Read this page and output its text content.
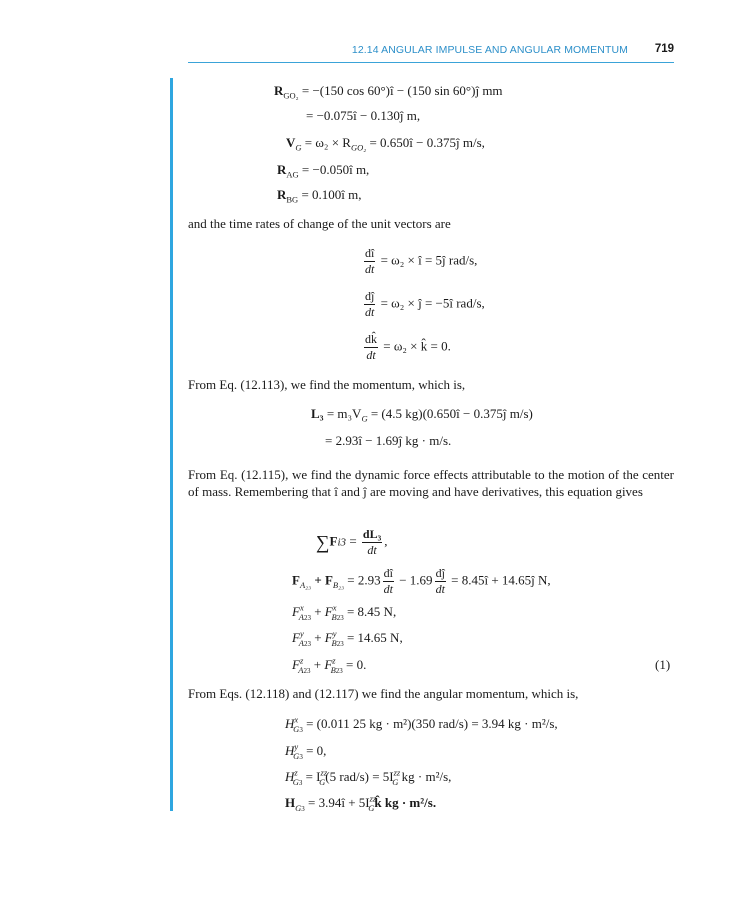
12.14 ANGULAR IMPULSE AND ANGULAR MOMENTUM 719
$R_{GO_2} = -(150$ cos 60°)î − (150 sin 60°)ĵ mm
= −0.075î − 0.130ĵ m,
$V_G = \omega_2 \times R_{GO_2}$ = 0.650î − 0.375ĵ m/s,
$R_{AG}$ = −0.050î m,
$R_{BG}$ = 0.100î m,
and the time rates of change of the unit vectors are
$\frac{dî}{dt} = \omega_2$ × î = 5ĵ rad/s,
$\frac{dĵ}{dt} = \omega_2$ × ĵ = −5î rad/s,
$\frac{dk̂}{dt} = \omega_2$ × k̂ = 0.
From Eq. (12.113), we find the momentum, which is,
$L_3 = m_3V_G = (4.5$ kg)(0.650î − 0.375ĵ m/s)
= 2.93î − 1.69ĵ kg · m/s.
From Eq. (12.115), we find the dynamic force effects attributable to the motion of the center of mass. Remembering that î and ĵ are moving and have derivatives, this equation gives
$\sum Fi3 = \frac{\text{dL₃}}{dt}$ ,
$F_{A_{23}} + F_{B_{23}} = 2.93 \frac{dî}{dt} - 1.69 \frac{dĵ}{dt}$ = 8.45î + 14.65ĵ N,
$F^x_{A23} + F^x_{B23} = 8.45$ N,
$F^y_{A23} + F^y_{B23} = 14.65$ N,
$F^z_{A23} + F^z_{B23} = 0$.	(1)
From Eqs. (12.118) and (12.117) we find the angular momentum, which is,
$H^x_{G3} = (0.011$ 25 kg · m²)(350 rad/s) = 3.94 kg · m²/s,
$H^y_{G3} = 0$,
$H^z_{G3} = I^{zz}_G(5$ $rad/s) = 5I^{zz}_G$ kg · m²/s,
$H_{G3}$ = 3.94î + $5I^{zz}_Gk̂$ kg · m²/s.
